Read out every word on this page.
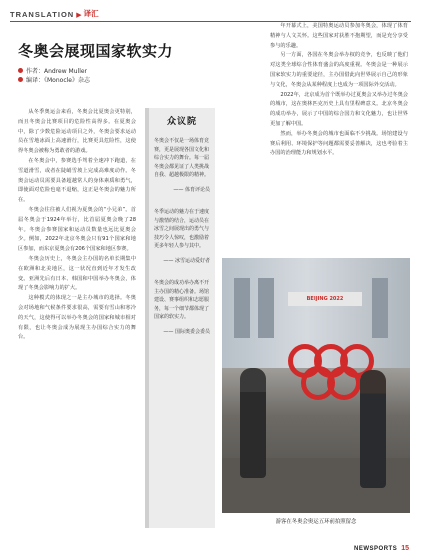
TRANSLATION ▶ 译汇
冬奥会展现国家软实力
作者：Andrew Muller
编译：《Monocle》杂志

从冬季奥运会来看，冬奥会比夏奥会更特别，而且冬奥会比赛项目的危险性高得多。在夏奥会中，除了少数危险运动项目之外，冬奥会要求运动员在雪地冰面上高速滑行，比赛更具危险性，这使得冬奥会被称为勇敢者的游戏。

在冬奥会中，参赛选手驾着全速冲下跑道，在雪道滑雪，或者在陡峭雪坡上完成高难度动作。冬奥会运动员需要具备超越常人的身体素质和勇气，即使面对危险也毫不退缩，这正是冬奥会的魅力所在。

冬奥会往往被人们视为夏奥会的“小兄弟”。首届冬奥会于1924年举行，比首届夏奥会晚了28年。冬奥会参赛国家和运动员数量也远比夏奥会少。例如，2022年北京冬奥会只有91个国家和地区参加，而东京夏奥会有206个国家和地区参赛。

冬奥会历史上，冬奥会主办国的名单长期集中在欧洲和北美地区，这一状况直到近年才发生改变。亚洲先后有日本、韩国和中国举办冬奥会，体现了冬奥会影响力的扩大。

这种模式的体现之一是主办城市的选择。冬奥会对场地和气候条件要求很高，需要有雪山和寒冷的天气，这使得可以举办冬奥会的国家和城市相对有限，也让冬奥会成为展现主办国综合实力的舞台。

众议院
冬奥会不仅是一场体育竞赛，更是展现各国文化和综合实力的舞台。每一届冬奥会都见证了人类挑战自我、超越极限的精神。
—— 体育评论员
冬季运动的魅力在于速度与激情的结合，运动员在冰雪之间展现出的勇气与技巧令人惊叹，也激励着更多年轻人参与其中。
—— 冰雪运动爱好者
冬奥会的成功举办离不开主办国的精心准备。场馆建设、赛事组织和志愿服务，每一个细节都体现了国家的软实力。
—— 国际奥委会委员

年开幕式上，美国特奥运动员参加冬奥会，体现了体育精神与人文关怀。这些国家对获胜不抱期望，而是充分享受参与的乐趣。

另一方面，各国在冬奥会举办权的竞争，也反映了他们对这类全球综合性体育盛会的高度重视。冬奥会是一种展示国家软实力的重要途径，主办国借此向世界展示自己的形象与文化，冬奥会从某种程度上也成为一项国际外交活动。

2022年，北京成为首个既举办过夏奥会又举办过冬奥会的城市，这在奥林匹克历史上具有里程碑意义。北京冬奥会的成功举办，展示了中国的综合国力和文化魅力，也让世界更加了解中国。

然而，举办冬奥会的城市也面临不少挑战。场馆建设与赛后利用、环境保护等问题都需要妥善解决，这也考验着主办国的治理能力和规划水平。

BEIJING 2022
游客在冬奥会奥运五环前拍照留念
NEWSPORTS 15
